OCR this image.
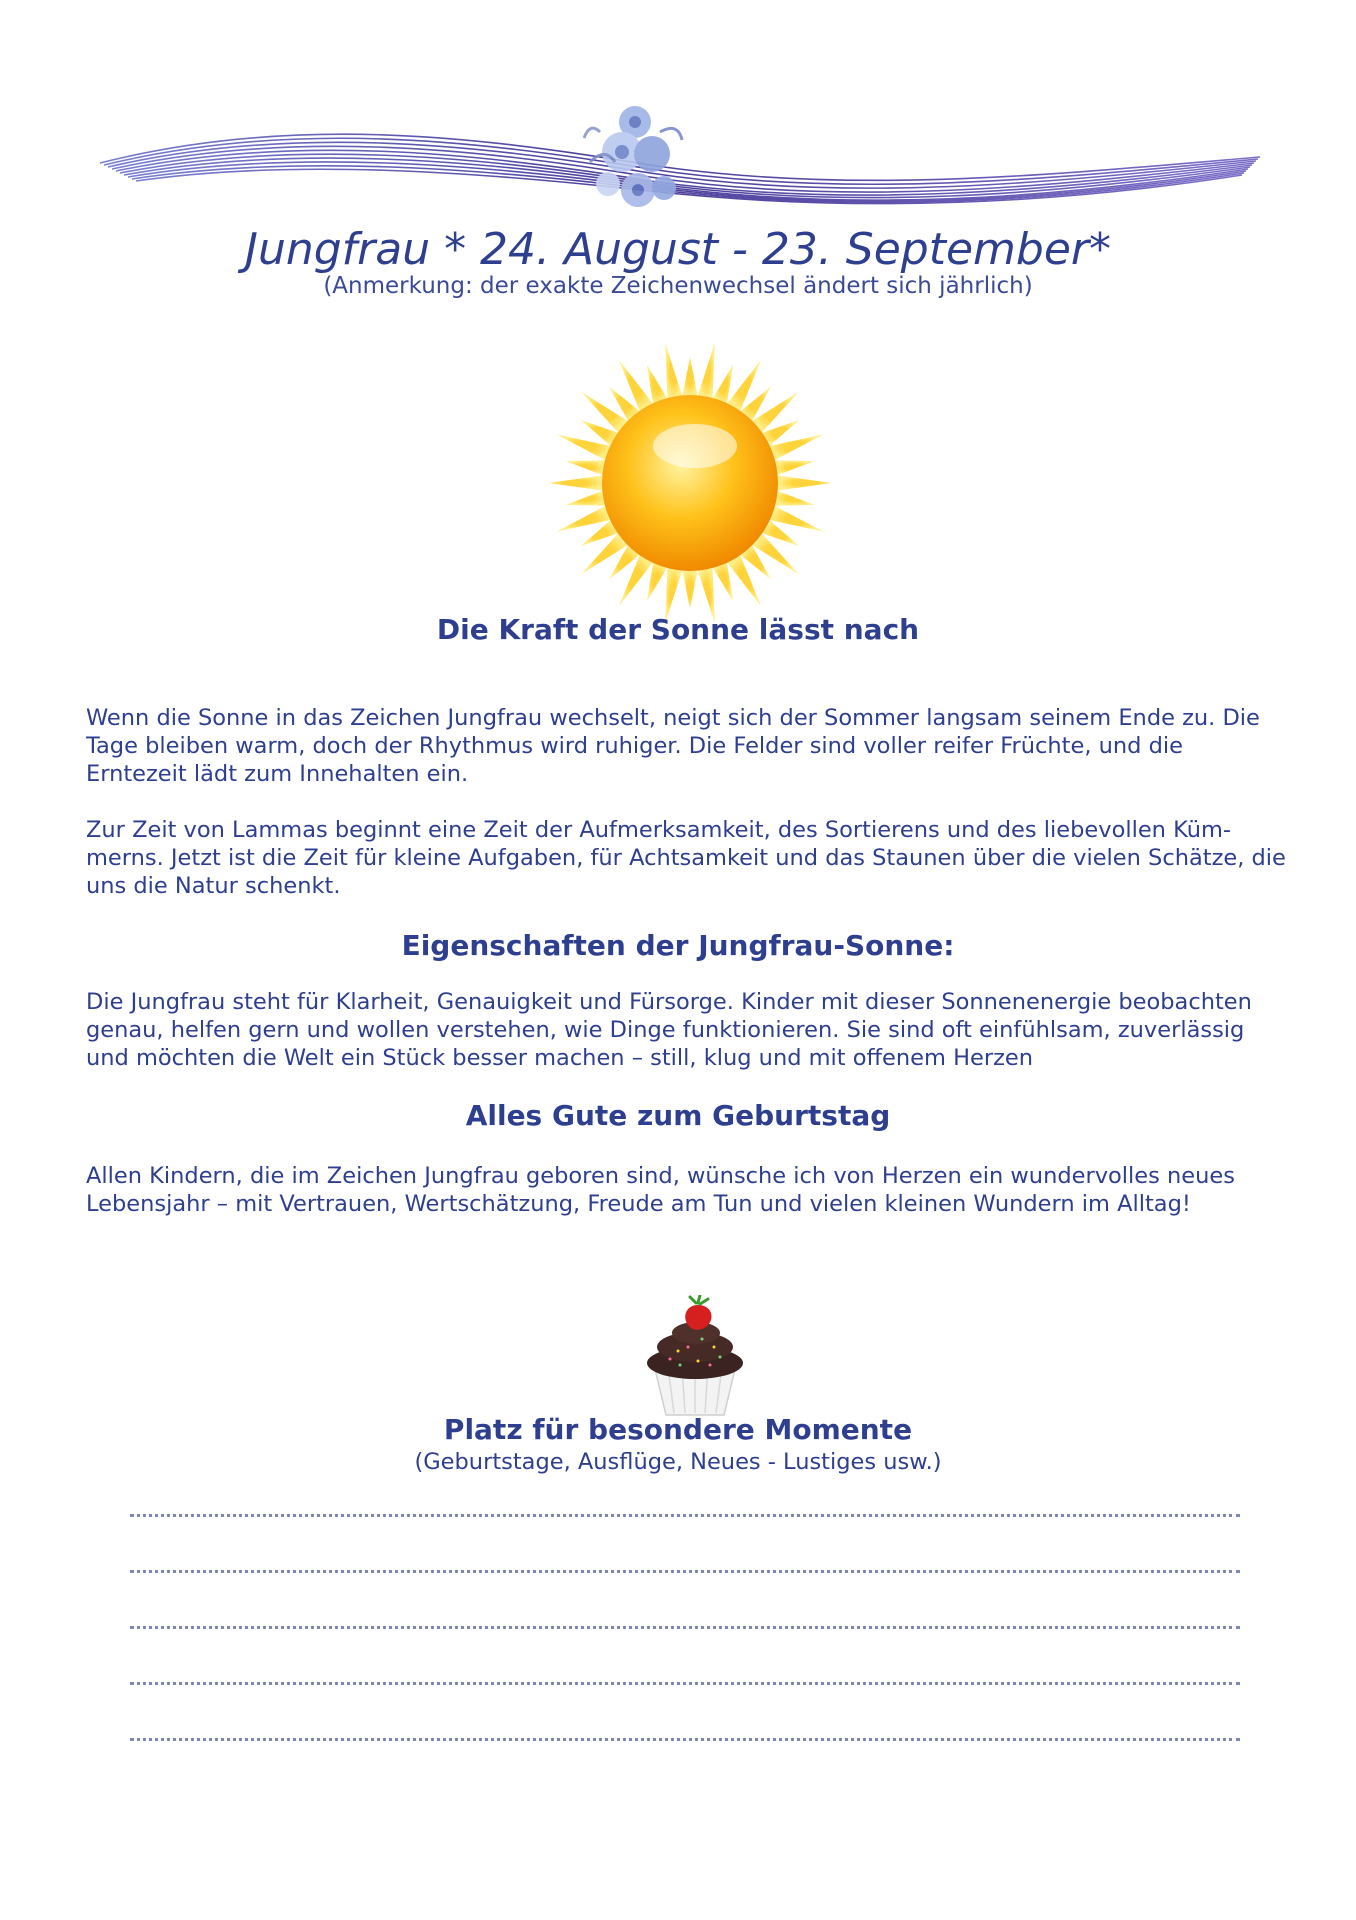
Jungfrau * 24. August - 23. September*
(Anmerkung: der exakte Zeichenwechsel ändert sich jährlich)
Die Kraft der Sonne lässt nach

Wenn die Sonne in das Zeichen Jungfrau wechselt, neigt sich der Sommer langsam seinem Ende zu. Die Tage bleiben warm, doch der Rhythmus wird ruhiger. Die Felder sind voller reifer Früchte, und die Erntezeit lädt zum Innehalten ein.

Zur Zeit von Lammas beginnt eine Zeit der Aufmerksamkeit, des Sortierens und des liebevollen Küm-merns. Jetzt ist die Zeit für kleine Aufgaben, für Achtsamkeit und das Staunen über die vielen Schätze, die uns die Natur schenkt.

Eigenschaften der Jungfrau-Sonne:

Die Jungfrau steht für Klarheit, Genauigkeit und Fürsorge. Kinder mit dieser Sonnenenergie beobachten genau, helfen gern und wollen verstehen, wie Dinge funktionieren. Sie sind oft einfühlsam, zuverlässig und möchten die Welt ein Stück besser machen – still, klug und mit offenem Herzen

Alles Gute zum Geburtstag

Allen Kindern, die im Zeichen Jungfrau geboren sind, wünsche ich von Herzen ein wundervolles neues Lebensjahr – mit Vertrauen, Wertschätzung, Freude am Tun und vielen kleinen Wundern im Alltag!

Platz für besondere Momente
(Geburtstage, Ausflüge, Neues - Lustiges usw.)
